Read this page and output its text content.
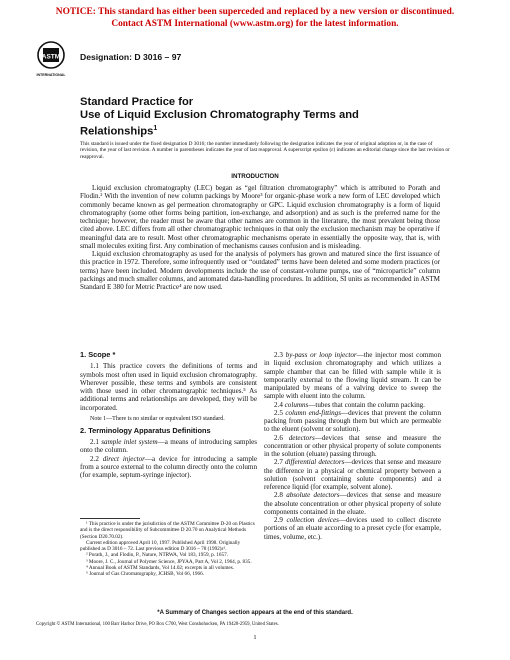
NOTICE: This standard has either been superceded and replaced by a new version or discontinued.
Contact ASTM International (www.astm.org) for the latest information.
ASTM
INTERNATIONAL
Designation: D 3016 – 97
Standard Practice for
Use of Liquid Exclusion Chromatography Terms and
Relationships$^1$
This standard is issued under the fixed designation D 3016; the number immediately following the designation indicates the year of original adoption or, in the case of revision, the year of last revision. A number in parentheses indicates the year of last reapproval. A superscript epsilon (ε) indicates an editorial change since the last revision or reapproval.
INTRODUCTION

Liquid exclusion chromatography (LEC) began as “gel filtration chromatography” which is attributed to Porath and Flodin.² With the invention of new column packings by Moore³ for organic-phase work a new form of LEC developed which commonly became known as gel permeation chromatography or GPC. Liquid exclusion chromatography is a form of liquid chromatography (some other forms being partition, ion-exchange, and adsorption) and as such is the preferred name for the technique; however, the reader must be aware that other names are common in the literature, the most prevalent being those cited above. LEC differs from all other chromatographic techniques in that only the exclusion mechanism may be operative if meaningful data are to result. Most other chromatographic mechanisms operate in essentially the opposite way, that is, with small molecules exiting first. Any combination of mechanisms causes confusion and is misleading.

Liquid exclusion chromatography as used for the analysis of polymers has grown and matured since the first issuance of this practice in 1972. Therefore, some infrequently used or “outdated” terms have been deleted and some modern practices (or terms) have been included. Modern developments include the use of constant-volume pumps, use of “microparticle” column packings and much smaller columns, and automated data-handling procedures. In addition, SI units as recommended in ASTM Standard E 380 for Metric Practice⁴ are now used.

1. Scope *

1.1 This practice covers the definitions of terms and symbols most often used in liquid exclusion chromatography. Wherever possible, these terms and symbols are consistent with those used in other chromatographic techniques.⁵ As additional terms and relationships are developed, they will be incorporated.

Note 1—There is no similar or equivalent ISO standard.

2. Terminology Apparatus Definitions

2.1 sample inlet system—a means of introducing samples onto the column.

2.2 direct injector—a device for introducing a sample from a source external to the column directly onto the column (for example, septum-syringe injector).

2.3 by-pass or loop injector—the injector most common in liquid exclusion chromatography and which utilizes a sample chamber that can be filled with sample while it is temporarily external to the flowing liquid stream. It can be manipulated by means of a valving device to sweep the sample with eluent into the column.

2.4 columns—tubes that contain the column packing.

2.5 column end-fittings—devices that prevent the column packing from passing through them but which are permeable to the eluent (solvent or solution).

2.6 detectors—devices that sense and measure the concentration or other physical property of solute components in the solution (eluate) passing through.

2.7 differential detectors—devices that sense and measure the difference in a physical or chemical property between a solution (solvent containing solute components) and a reference liquid (for example, solvent alone).

2.8 absolute detectors—devices that sense and measure the absolute concentration or other physical property of solute components contained in the eluate.

2.9 collection devices—devices used to collect discrete portions of an eluate according to a preset cycle (for example, times, volume, etc.).

¹ This practice is under the jurisdiction of the ASTM Committee D-20 on Plastics and is the direct responsibility of Subcommittee D 20.70 on Analytical Methods (Section D20.70.02).

Current edition approved April 10, 1997. Published April 1998. Originally published as D 3016 – 72. Last previous edition D 3016 – 78 (1992)ε¹.

² Porath, J., and Flodin, P., Nature, NTRWA, Vol 183, 1959, p. 1657.

³ Moore, J. C., Journal of Polymer Science, JPYAA, Part A, Vol 2, 1964, p. 835.

⁴ Annual Book of ASTM Standards, Vol 14.02; excerpts in all volumes.

⁵ Journal of Gas Chromatography, JCHSB, Vol 66, 1966.

*A Summary of Changes section appears at the end of this standard.
Copyright © ASTM International, 100 Barr Harbor Drive, PO Box C700, West Conshohocken, PA 19428-2959, United States.
1
